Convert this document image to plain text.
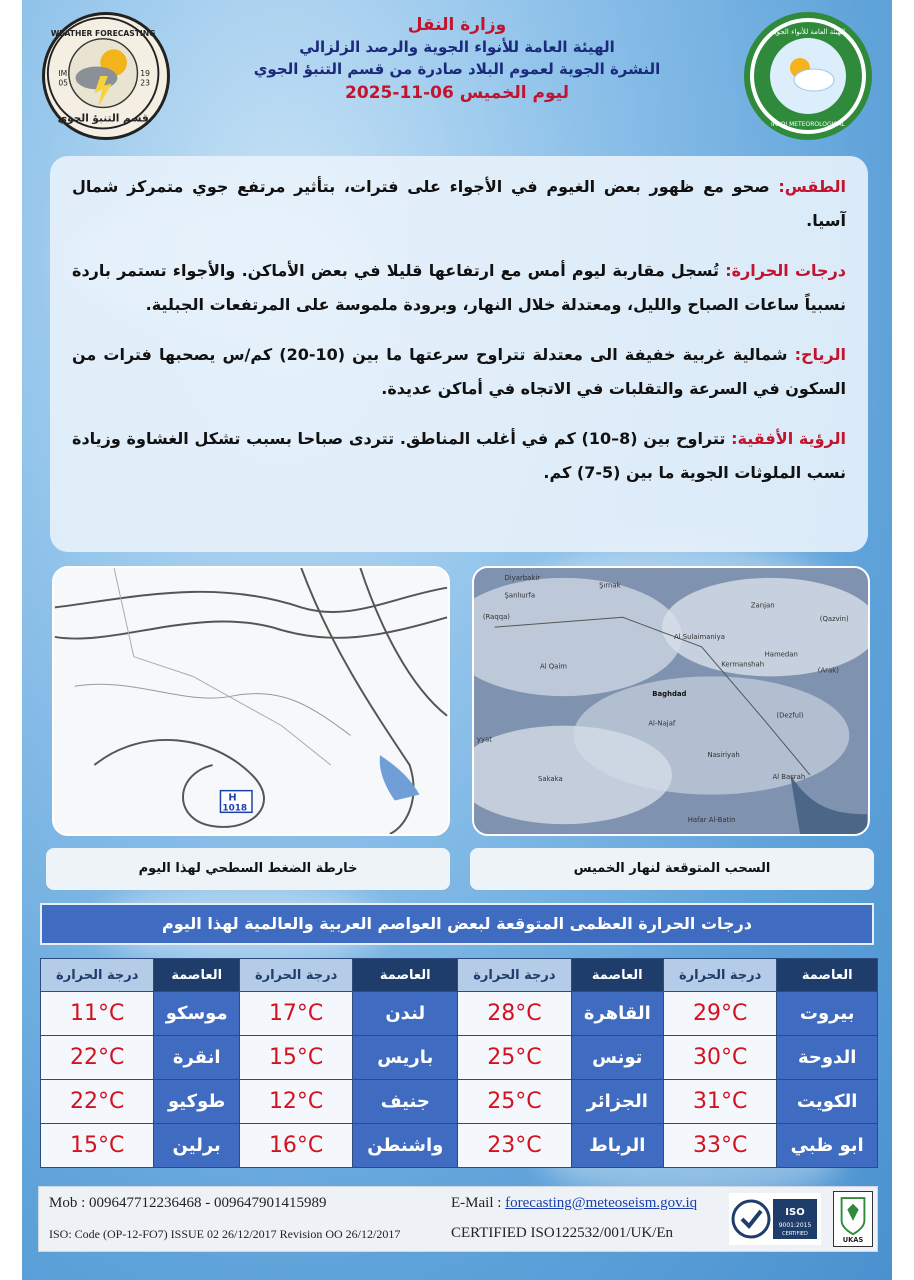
WEATHER FORECASTING
IM
05
19
23
قسم التنبؤ الجوي
الهيئة العامة للأنواء الجوية
IRAQI METEOROLOGICAL
وزارة النقل
الهيئة العامة للأنواء الجوية والرصد الزلزالي
النشرة الجوية لعموم البلاد صادرة من قسم التنبؤ الجوي
ليوم الخميس 06-11-2025
الطقس: صحو مع ظهور بعض الغيوم في الأجواء على فترات، بتأثير مرتفع جوي متمركز شمال آسيا.
درجات الحرارة: تُسجل مقاربة ليوم أمس مع ارتفاعها قليلا في بعض الأماكن. والأجواء تستمر باردة نسبياً ساعات الصباح والليل، ومعتدلة خلال النهار، وبرودة ملموسة على المرتفعات الجبلية.
الرياح: شمالية غربية خفيفة الى معتدلة تتراوح سرعتها ما بين (10-20) كم/س يصحبها فترات من السكون في السرعة والتقلبات في الاتجاه في أماكن عديدة.
الرؤية الأفقية: تتراوح بين (8–10) كم في أغلب المناطق. تتردى صباحا بسبب تشكل الغشاوة وزيادة نسب الملوثات الجوية ما بين (5-7) كم.
H
1018
Diyarbakir
Şırnak
Şanlıurfa
(Raqqa)
Zanjan
(Qazvin)
Al Sulaimaniya
Kermanshah
Hamedan
(Arak)
Al Qaim
Baghdad
Al-Najaf
(Dezful)
Nasiriyah
Al Basrah
Sakaka
Hafar Al-Batin
yyat
خارطة الضغط السطحي لهذا اليوم	السحب المتوقعة لنهار الخميس
درجات الحرارة العظمى المتوقعة لبعض العواصم العربية والعالمية لهذا اليوم
العاصمة	درجة الحرارة	العاصمة	درجة الحرارة	العاصمة	درجة الحرارة	العاصمة	درجة الحرارة
بيروت	29°C	القاهرة	28°C	لندن	17°C	موسكو	11°C
الدوحة	30°C	تونس	25°C	باريس	15°C	انقرة	22°C
الكويت	31°C	الجزائر	25°C	جنيف	12°C	طوكيو	22°C
ابو ظبي	33°C	الرباط	23°C	واشنطن	16°C	برلين	15°C
Mob : 009647712236468 - 009647901415989	E-Mail : forecasting@meteoseism.gov.iq
ISO: Code (OP-12-FO7) ISSUE 02 26/12/2017 Revision OO 26/12/2017	CERTIFIED ISO122532/001/UK/En
ISO
9001:2015
CERTIFIED
UKAS
